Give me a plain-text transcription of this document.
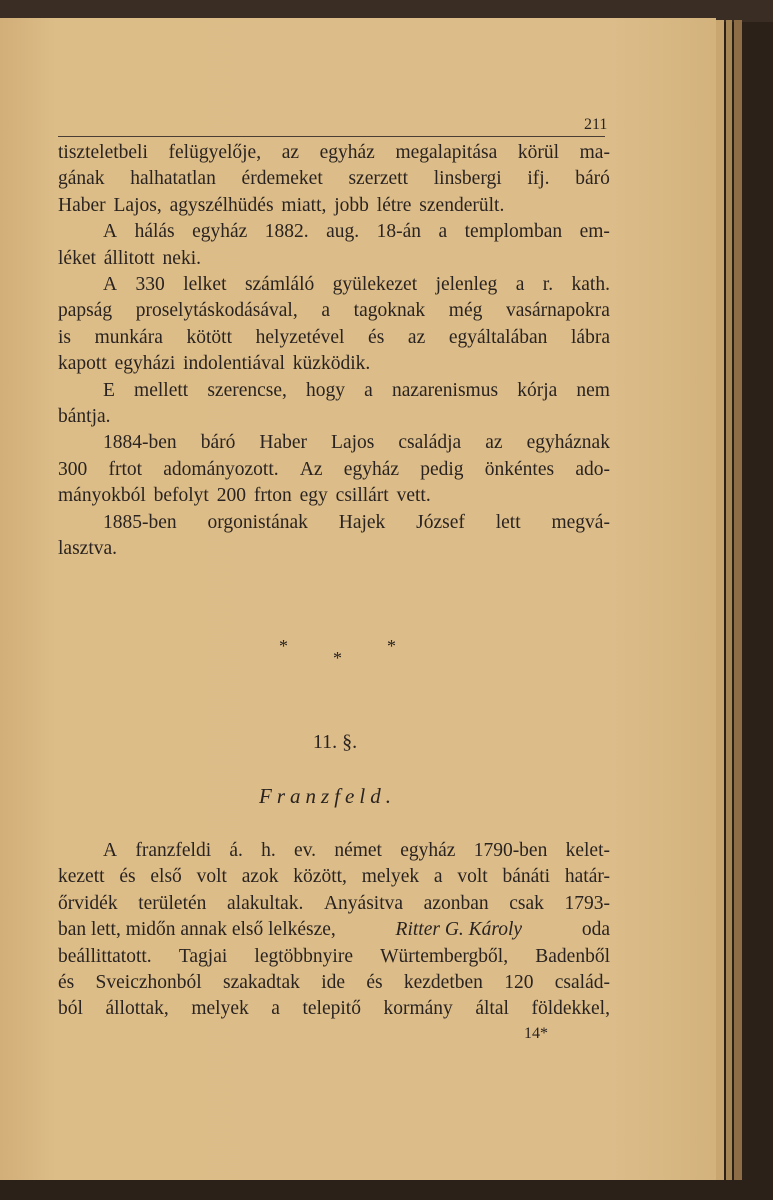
211
tiszteletbeli felügyelője, az egyház megalapitása körül ma-
gának halhatatlan érdemeket szerzett linsbergi ifj. báró
Haber Lajos, agyszélhüdés miatt, jobb létre szenderült.
A hálás egyház 1882. aug. 18-án a templomban em-
léket állitott neki.
A 330 lelket számláló gyülekezet jelenleg a r. kath.
papság proselytáskodásával, a tagoknak még vasárnapokra
is munkára kötött helyzetével és az egyáltalában lábra
kapott egyházi indolentiával küzködik.
E mellett szerencse, hogy a nazarenismus kórja nem
bántja.
1884-ben báró Haber Lajos családja az egyháznak
300 frtot adományozott. Az egyház pedig önkéntes ado-
mányokból befolyt 200 frton egy csillárt vett.
1885-ben orgonistának Hajek József lett megvá-
lasztva.
*	*
*
11. §.
Franzfeld.
A franzfeldi á. h. ev. német egyház 1790-ben kelet-
kezett és első volt azok között, melyek a volt bánáti határ-
őrvidék területén alakultak. Anyásitva azonban csak 1793-
ban lett, midőn annak első lelkésze,	Ritter G. Károly	oda
beállittatott. Tagjai legtöbbnyire Würtembergből, Badenből
és Sveiczhonból szakadtak ide és kezdetben 120 család-
ból állottak, melyek a telepitő kormány által földekkel,
14*
